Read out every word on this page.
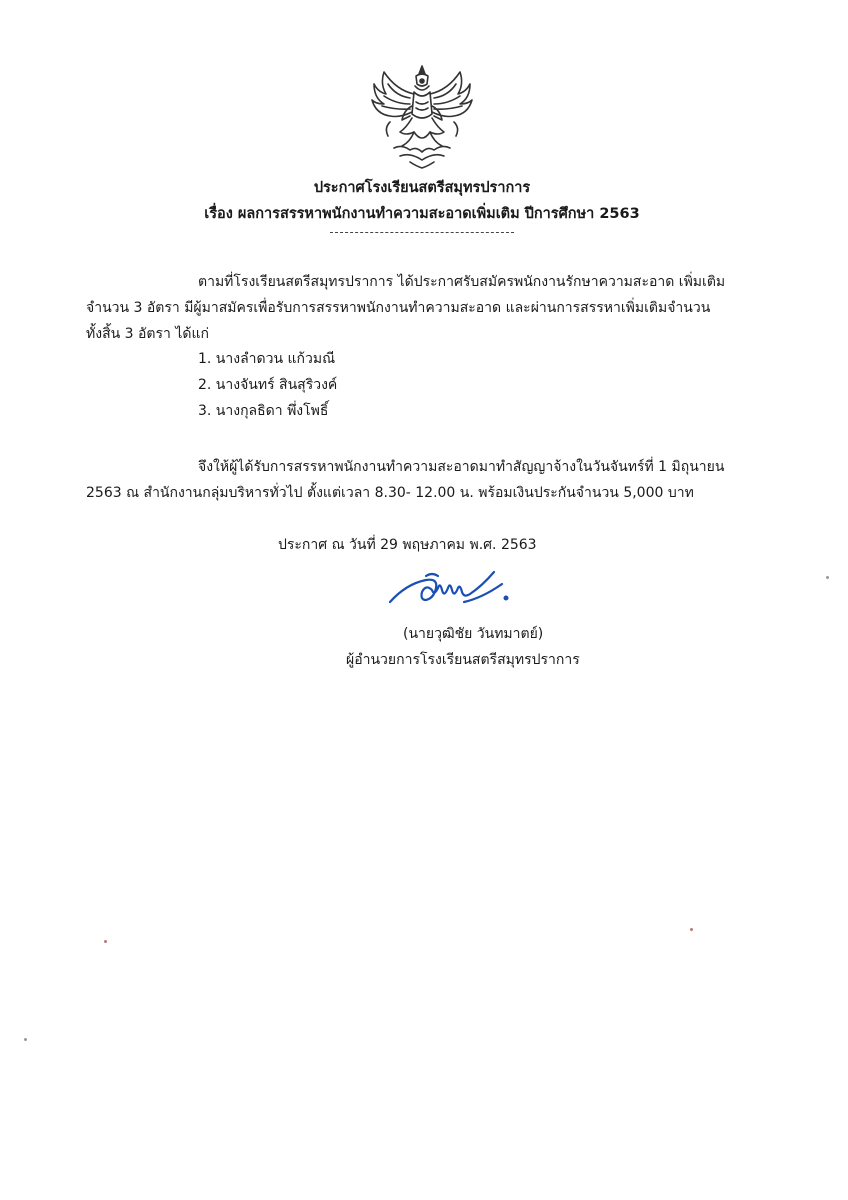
ประกาศโรงเรียนสตรีสมุทรปราการ
เรื่อง ผลการสรรหาพนักงานทำความสะอาดเพิ่มเติม ปีการศึกษา 2563
ตามที่โรงเรียนสตรีสมุทรปราการ ได้ประกาศรับสมัครพนักงานรักษาความสะอาด เพิ่มเติม
จำนวน 3 อัตรา มีผู้มาสมัครเพื่อรับการสรรหาพนักงานทำความสะอาด และผ่านการสรรหาเพิ่มเติมจำนวน
ทั้งสิ้น 3 อัตรา ได้แก่
1. นางลำดวน แก้วมณี
2. นางจันทร์ สินสุริวงค์
3. นางกุลธิดา พึ่งโพธิ์
จึงให้ผู้ได้รับการสรรหาพนักงานทำความสะอาดมาทำสัญญาจ้างในวันจันทร์ที่ 1 มิถุนายน
2563 ณ สำนักงานกลุ่มบริหารทั่วไป ตั้งแต่เวลา 8.30- 12.00 น. พร้อมเงินประกันจำนวน 5,000 บาท
ประกาศ ณ วันที่ 29 พฤษภาคม พ.ศ. 2563
(นายวุฒิชัย วันทมาตย์)
ผู้อำนวยการโรงเรียนสตรีสมุทรปราการ
